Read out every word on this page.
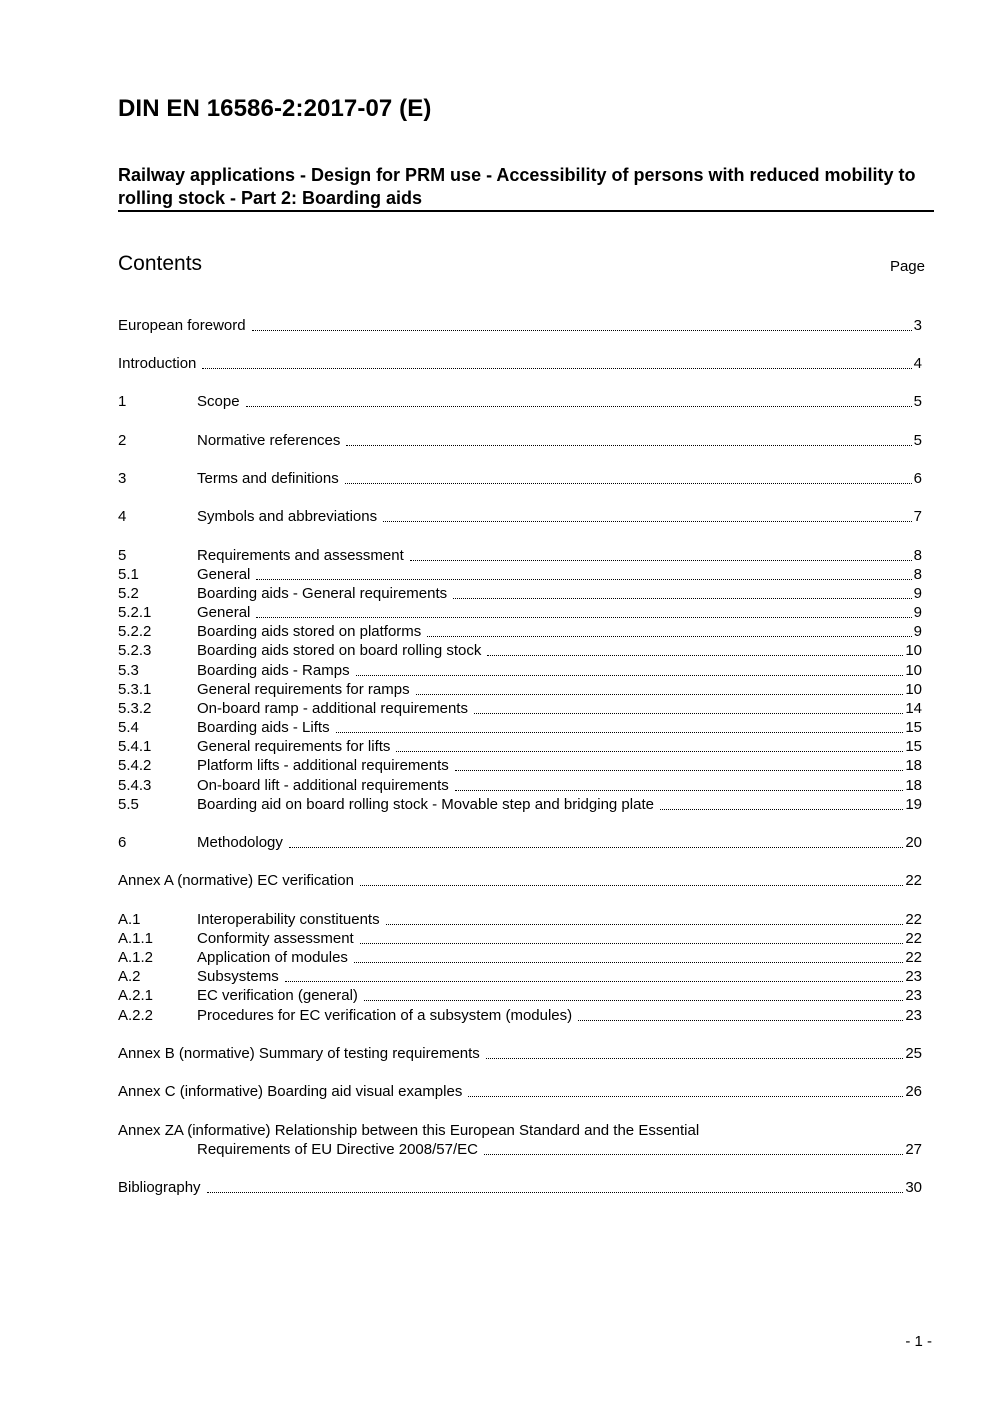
DIN EN 16586-2:2017-07 (E)
Railway applications - Design for PRM use - Accessibility of persons with reduced mobility to rolling stock - Part 2: Boarding aids
Contents	Page
European foreword	3
Introduction	4
1	Scope	5
2	Normative references	5
3	Terms and definitions	6
4	Symbols and abbreviations	7
5	Requirements and assessment	8
5.1	General	8
5.2	Boarding aids - General requirements	9
5.2.1	General	9
5.2.2	Boarding aids stored on platforms	9
5.2.3	Boarding aids stored on board rolling stock	10
5.3	Boarding aids - Ramps	10
5.3.1	General requirements for ramps	10
5.3.2	On-board ramp - additional requirements	14
5.4	Boarding aids - Lifts	15
5.4.1	General requirements for lifts	15
5.4.2	Platform lifts - additional requirements	18
5.4.3	On-board lift - additional requirements	18
5.5	Boarding aid on board rolling stock - Movable step and bridging plate	19
6	Methodology	20
Annex A (normative) EC verification	22
A.1	Interoperability constituents	22
A.1.1	Conformity assessment	22
A.1.2	Application of modules	22
A.2	Subsystems	23
A.2.1	EC verification (general)	23
A.2.2	Procedures for EC verification of a subsystem (modules)	23
Annex B (normative) Summary of testing requirements	25
Annex C (informative) Boarding aid visual examples	26
Annex ZA (informative) Relationship between this European Standard and the Essential
Requirements of EU Directive 2008/57/EC	27
Bibliography	30
- 1 -
